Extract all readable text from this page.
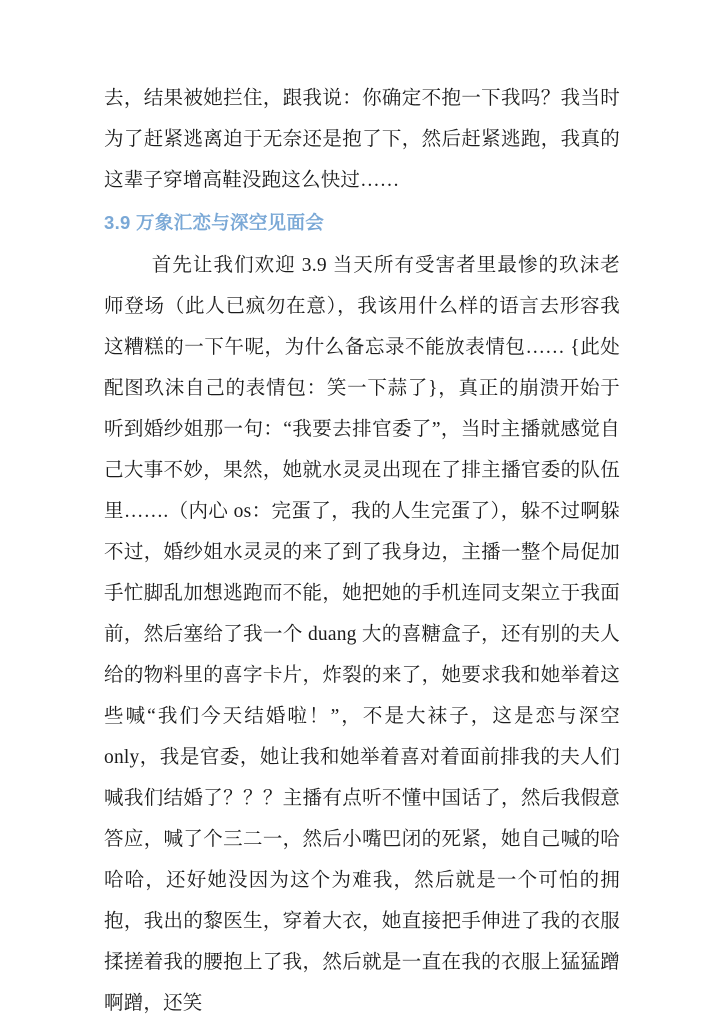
去，结果被她拦住，跟我说：你确定不抱一下我吗？我当时为了赶紧逃离迫于无奈还是抱了下，然后赶紧逃跑，我真的这辈子穿增高鞋没跑这么快过……

3.9 万象汇恋与深空见面会

首先让我们欢迎 3.9 当天所有受害者里最惨的玖沫老师登场（此人已疯勿在意），我该用什么样的语言去形容我这糟糕的一下午呢，为什么备忘录不能放表情包…… {此处配图玖沫自己的表情包：笑一下蒜了}，真正的崩溃开始于听到婚纱姐那一句：“我要去排官委了”，当时主播就感觉自己大事不妙，果然，她就水灵灵出现在了排主播官委的队伍里…….（内心 os：完蛋了，我的人生完蛋了），躲不过啊躲不过，婚纱姐水灵灵的来了到了我身边，主播一整个局促加手忙脚乱加想逃跑而不能，她把她的手机连同支架立于我面前，然后塞给了我一个 duang 大的喜糖盒子，还有别的夫人给的物料里的喜字卡片，炸裂的来了，她要求我和她举着这些喊“我们今天结婚啦！”，不是大袜子，这是恋与深空 only，我是官委，她让我和她举着喜对着面前排我的夫人们喊我们结婚了？？？主播有点听不懂中国话了，然后我假意答应，喊了个三二一，然后小嘴巴闭的死紧，她自己喊的哈哈哈，还好她没因为这个为难我，然后就是一个可怕的拥抱，我出的黎医生，穿着大衣，她直接把手伸进了我的衣服揉搓着我的腰抱上了我，然后就是一直在我的衣服上猛猛蹭啊蹭，还笑
